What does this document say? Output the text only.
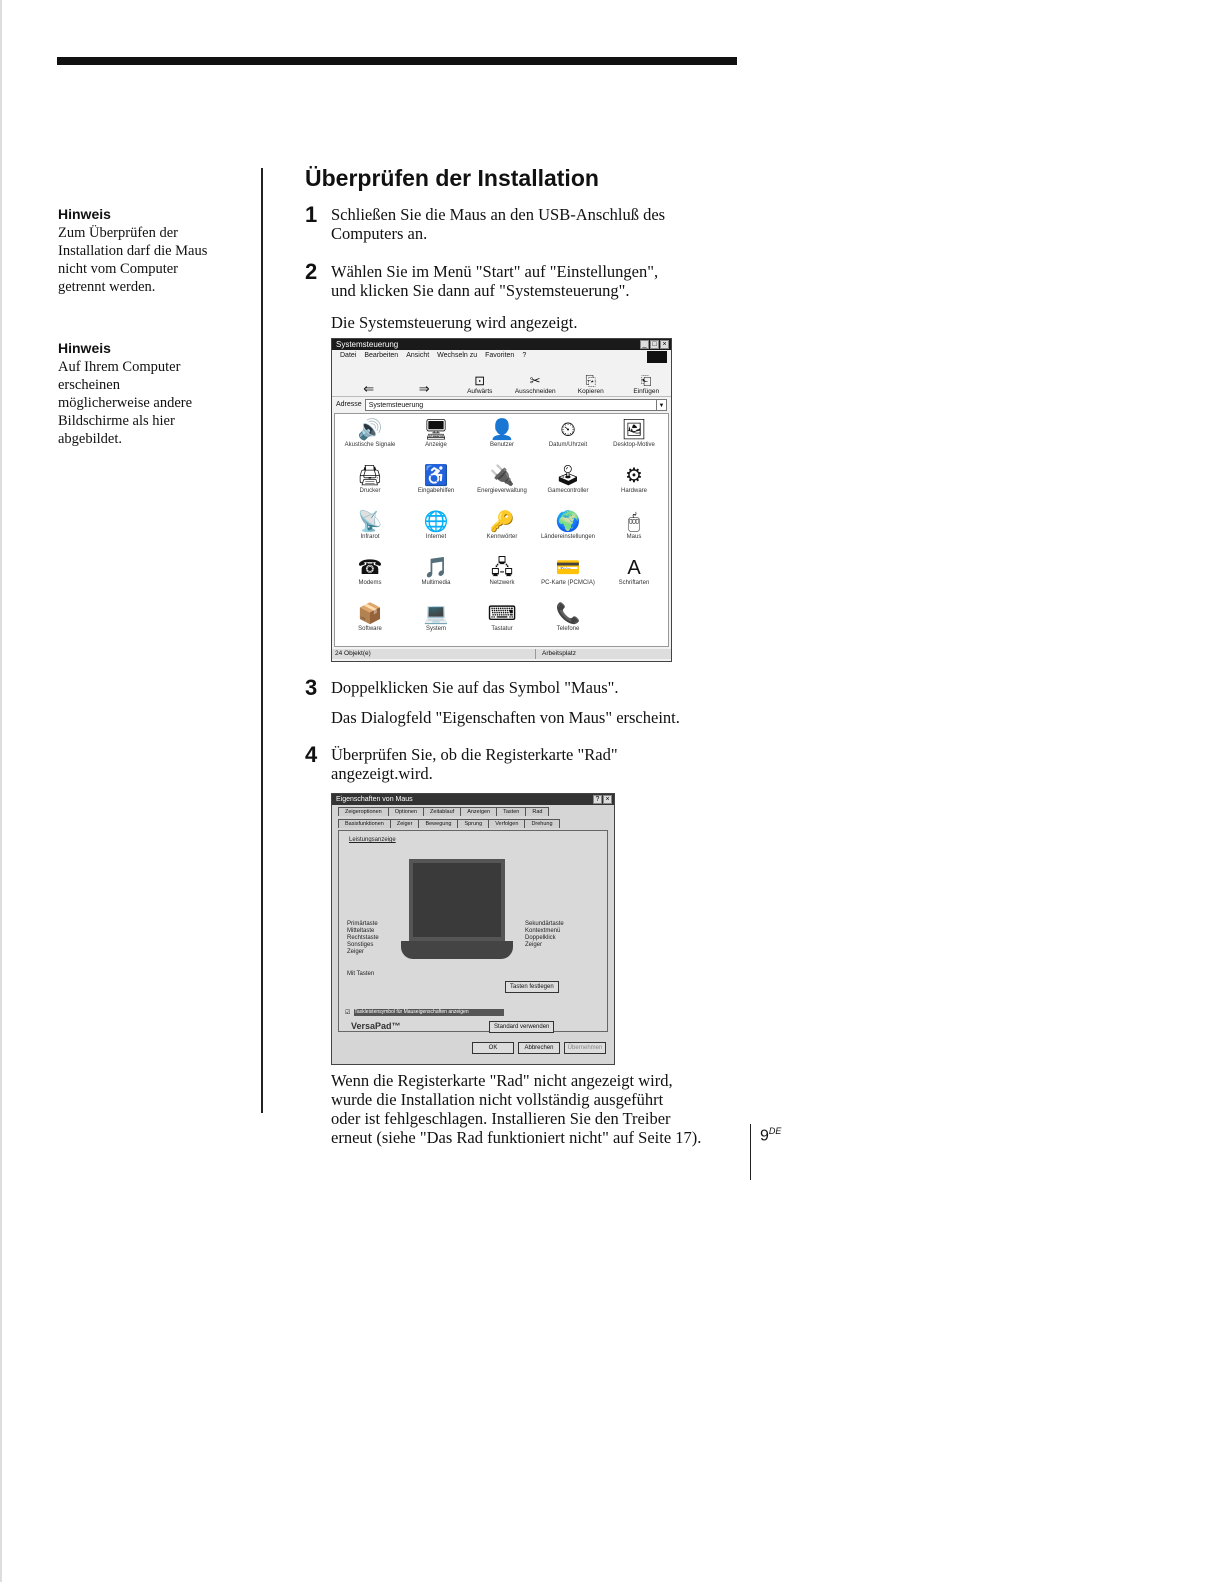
Hinweis
Zum Überprüfen der
Installation darf die Maus
nicht vom Computer
getrennt werden.
Hinweis
Auf Ihrem Computer
erscheinen
möglicherweise andere
Bildschirme als hier
abgebildet.
Überprüfen der Installation
1 Schließen Sie die Maus an den USB-Anschluß des
Computers an.
2 Wählen Sie im Menü "Start" auf "Einstellungen",
und klicken Sie dann auf "Systemsteuerung".
Die Systemsteuerung wird angezeigt.
Systemsteuerung	_ □ ×
Datei Bearbeiten Ansicht Wechseln zu Favoriten ?
⇐	⇒
⊡
Aufwärts
✂
Ausschneiden
⎘
Kopieren
⎗
Einfügen
Adresse	Systemsteuerung	▼
🔊
Akustische Signale
🖥
Anzeige
👤
Benutzer
⏲
Datum/Uhrzeit
🖼
Desktop-Motive
🖨
Drucker
♿
Eingabehilfen
🔌
Energieverwaltung
🕹
Gamecontroller
⚙
Hardware
📡
Infrarot
🌐
Internet
🔑
Kennwörter
🌍
Ländereinstellungen
🖱
Maus
☎
Modems
🎵
Multimedia
🖧
Netzwerk
💳
PC-Karte (PCMCIA)
A
Schriftarten
📦
Software
💻
System
⌨
Tastatur
📞
Telefone
24 Objekt(e)	Arbeitsplatz
3 Doppelklicken Sie auf das Symbol "Maus".
Das Dialogfeld "Eigenschaften von Maus" erscheint.
4 Überprüfen Sie, ob die Registerkarte "Rad"
angezeigt.wird.
Eigenschaften von Maus	? ×
Zeigeroptionen	Optionen	Zeitablauf	Anzeigen	Tasten	Rad
Basisfunktionen	Zeiger	Bewegung	Sprung	Verfolgen	Drehung
Leistungsanzeige
Primärtaste
Mitteltaste
Rechtstaste
Sonstiges
Zeiger
Sekundärtaste
Kontextmenü
Doppelklick
Zeiger
Mit Tasten
Tasten festlegen
☑ Taskleistensymbol für Mauseigenschaften anzeigen
VersaPad™	Standard verwenden
OK	Abbrechen	Übernehmen
Wenn die Registerkarte "Rad" nicht angezeigt wird,
wurde die Installation nicht vollständig ausgeführt
oder ist fehlgeschlagen. Installieren Sie den Treiber
erneut (siehe "Das Rad funktioniert nicht" auf Seite 17).	9DE
